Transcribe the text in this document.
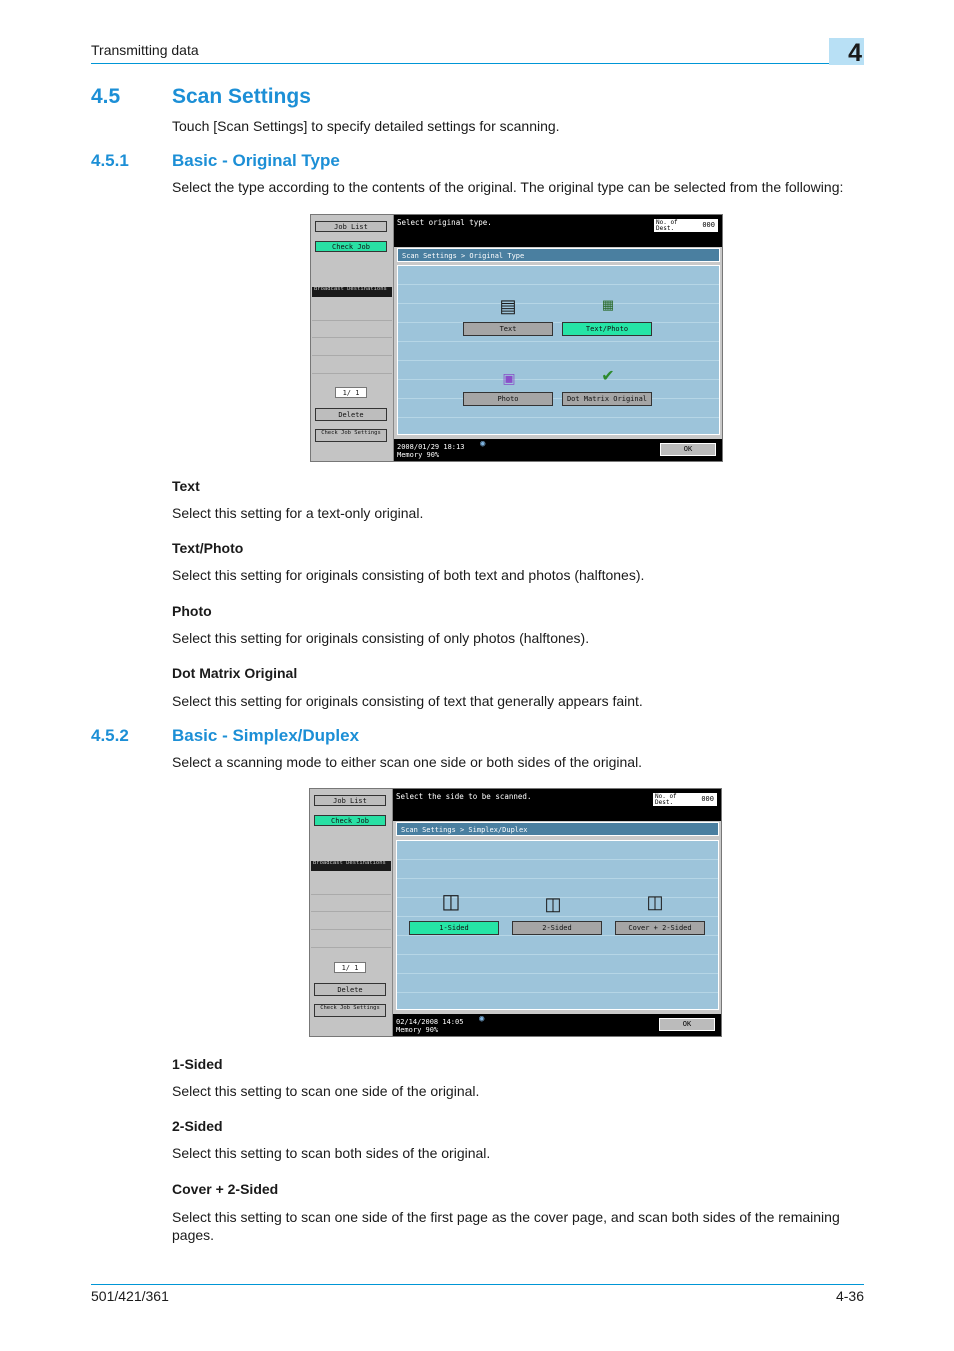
Transmitting data	4
4.5 Scan Settings
Touch [Scan Settings] to specify detailed settings for scanning.
4.5.1	Basic - Original Type
Select the type according to the contents of the original. The original type can be selected from the following:
Job List
Check Job
Broadcast Destinations
1/ 1
Delete
Check Job Settings
Select original type.	No. of Dest.	000
Scan Settings > Original Type
▤	▦
Text	Text/Photo
▣	✔
Photo	Dot Matrix Original
2008/01/29 18:13
Memory 90%
◉	OK
Text
Select this setting for a text-only original.
Text/Photo
Select this setting for originals consisting of both text and photos (halftones).
Photo
Select this setting for originals consisting of only photos (halftones).
Dot Matrix Original
Select this setting for originals consisting of text that generally appears faint.
4.5.2	Basic - Simplex/Duplex
Select a scanning mode to either scan one side or both sides of the original.
Job List
Check Job
Broadcast Destinations
1/ 1
Delete
Check Job Settings
Select the side to be scanned.	No. of Dest.	000
Scan Settings > Simplex/Duplex
◫	◫	◫
1-Sided	2-Sided	Cover + 2-Sided
02/14/2008 14:05
Memory 90%
◉	OK
1-Sided
Select this setting to scan one side of the original.
2-Sided
Select this setting to scan both sides of the original.
Cover + 2-Sided
Select this setting to scan one side of the first page as the cover page, and scan both sides of the remaining pages.
501/421/361	4-36
